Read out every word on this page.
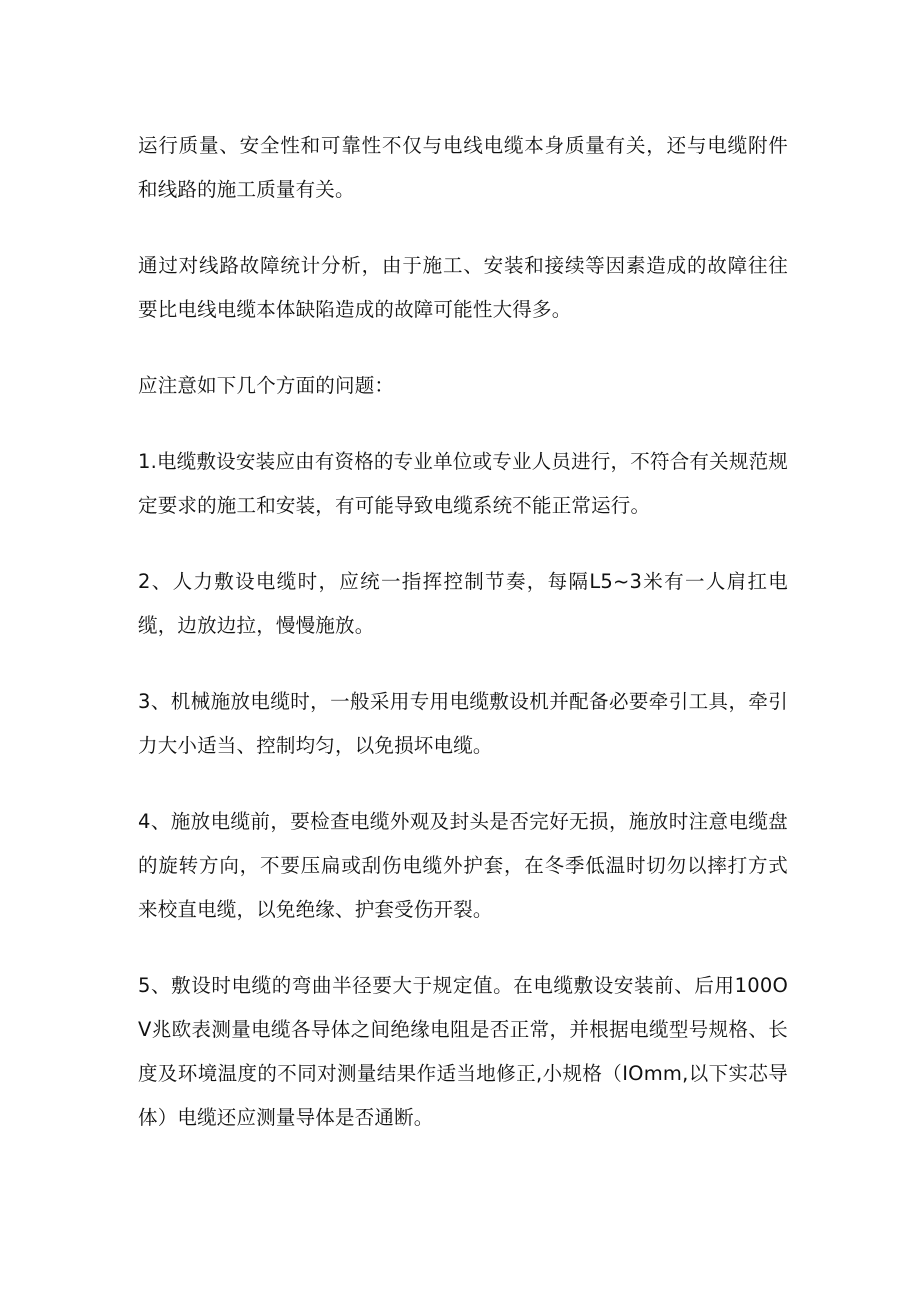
运行质量、安全性和可靠性不仅与电线电缆本身质量有关，还与电缆附件和线路的施工质量有关。

通过对线路故障统计分析，由于施工、安装和接续等因素造成的故障往往要比电线电缆本体缺陷造成的故障可能性大得多。

应注意如下几个方面的问题：

1.电缆敷设安装应由有资格的专业单位或专业人员进行，不符合有关规范规定要求的施工和安装，有可能导致电缆系统不能正常运行。

2、人力敷设电缆时，应统一指挥控制节奏，每隔L5~3米有一人肩扛电缆，边放边拉，慢慢施放。

3、机械施放电缆时，一般采用专用电缆敷设机并配备必要牵引工具，牵引力大小适当、控制均匀，以免损坏电缆。

4、施放电缆前，要检查电缆外观及封头是否完好无损，施放时注意电缆盘的旋转方向，不要压扁或刮伤电缆外护套，在冬季低温时切勿以摔打方式来校直电缆，以免绝缘、护套受伤开裂。

5、敷设时电缆的弯曲半径要大于规定值。在电缆敷设安装前、后用100OV兆欧表测量电缆各导体之间绝缘电阻是否正常，并根据电缆型号规格、长度及环境温度的不同对测量结果作适当地修正,小规格（IOmm,以下实芯导体）电缆还应测量导体是否通断。
